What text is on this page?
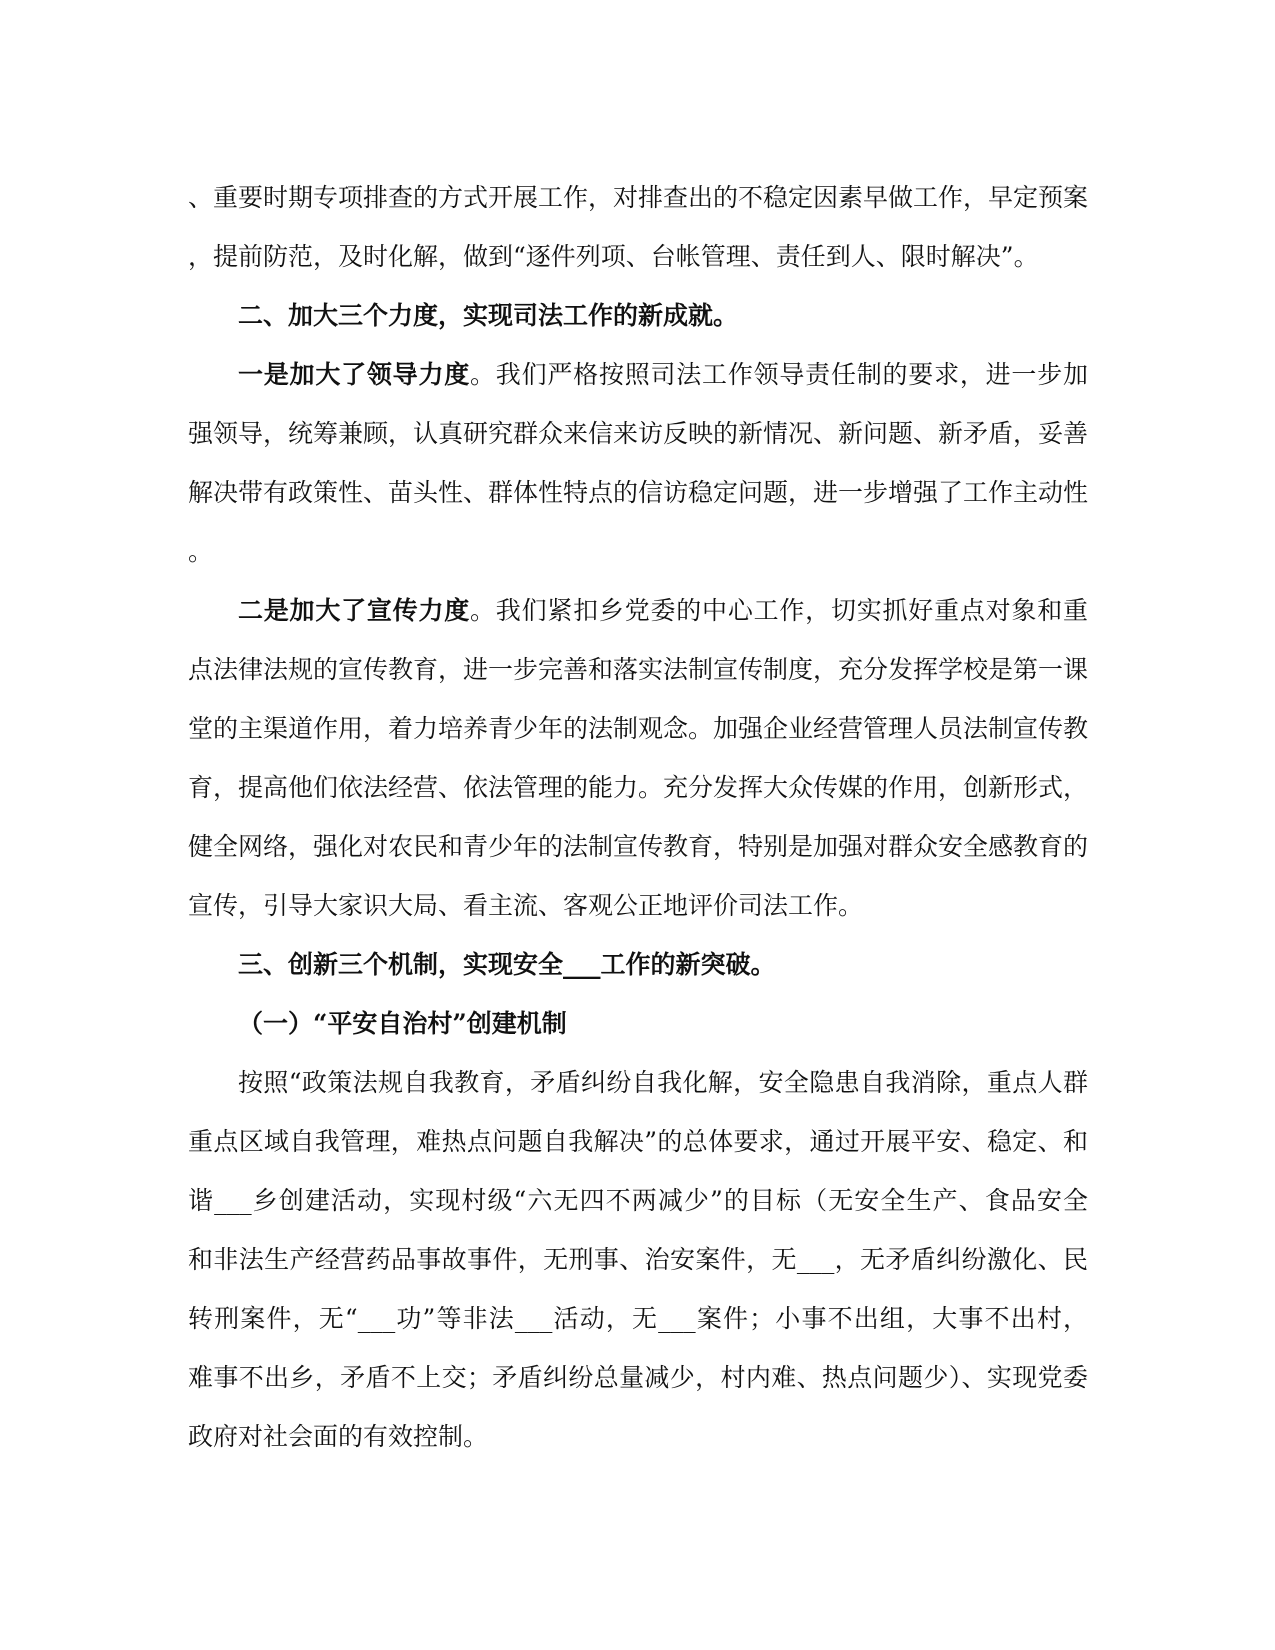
、重要时期专项排查的方式开展工作，对排查出的不稳定因素早做工作，早定预案
，提前防范，及时化解，做到“逐件列项、台帐管理、责任到人、限时解决”。
二、加大三个力度，实现司法工作的新成就。
一是加大了领导力度。我们严格按照司法工作领导责任制的要求，进一步加
强领导，统筹兼顾，认真研究群众来信来访反映的新情况、新问题、新矛盾，妥善
解决带有政策性、苗头性、群体性特点的信访稳定问题，进一步增强了工作主动性
。
二是加大了宣传力度。我们紧扣乡党委的中心工作，切实抓好重点对象和重
点法律法规的宣传教育，进一步完善和落实法制宣传制度，充分发挥学校是第一课
堂的主渠道作用，着力培养青少年的法制观念。加强企业经营管理人员法制宣传教
育，提高他们依法经营、依法管理的能力。充分发挥大众传媒的作用，创新形式，
健全网络，强化对农民和青少年的法制宣传教育，特别是加强对群众安全感教育的
宣传，引导大家识大局、看主流、客观公正地评价司法工作。
三、创新三个机制，实现安全___工作的新突破。
（一）“平安自治村”创建机制
按照“政策法规自我教育，矛盾纠纷自我化解，安全隐患自我消除，重点人群
重点区域自我管理，难热点问题自我解决”的总体要求，通过开展平安、稳定、和
谐___乡创建活动，实现村级“六无四不两减少”的目标（无安全生产、食品安全
和非法生产经营药品事故事件，无刑事、治安案件，无___，无矛盾纠纷激化、民
转刑案件，无“___功”等非法___活动，无___案件；小事不出组，大事不出村，
难事不出乡，矛盾不上交；矛盾纠纷总量减少，村内难、热点问题少）、实现党委
政府对社会面的有效控制。
